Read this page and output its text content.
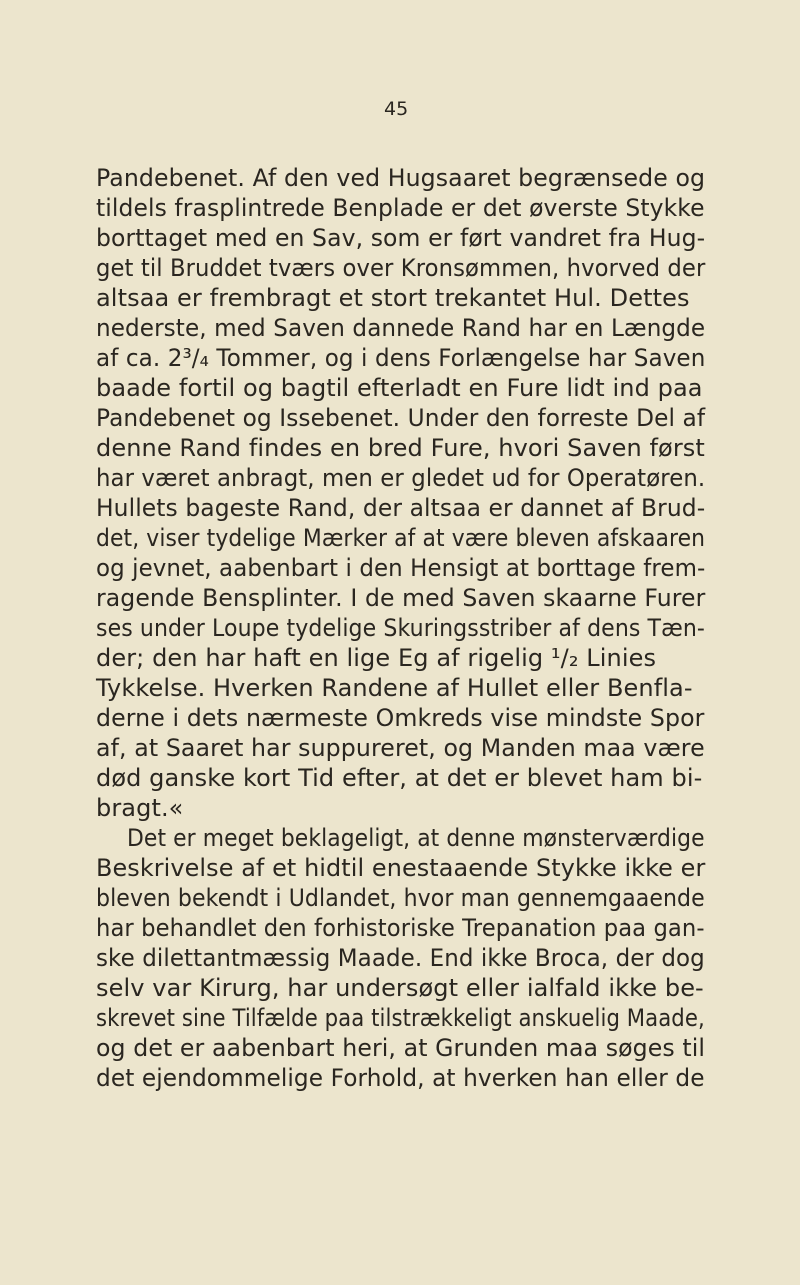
45
Pandebenet. Af den ved Hugsaaret begrænsede og
tildels frasplintrede Benplade er det øverste Stykke
borttaget med en Sav, som er ført vandret fra Hug-
get til Bruddet tværs over Kronsømmen, hvorved der
altsaa er frembragt et stort trekantet Hul. Dettes
nederste, med Saven dannede Rand har en Længde
af ca. 2³/₄ Tommer, og i dens Forlængelse har Saven
baade fortil og bagtil efterladt en Fure lidt ind paa
Pandebenet og Issebenet. Under den forreste Del af
denne Rand findes en bred Fure, hvori Saven først
har været anbragt, men er gledet ud for Operatøren.
Hullets bageste Rand, der altsaa er dannet af Brud-
det, viser tydelige Mærker af at være bleven afskaaren
og jevnet, aabenbart i den Hensigt at borttage frem-
ragende Bensplinter. I de med Saven skaarne Furer
ses under Loupe tydelige Skuringsstriber af dens Tæn-
der; den har haft en lige Eg af rigelig ¹/₂ Linies
Tykkelse. Hverken Randene af Hullet eller Benfla-
derne i dets nærmeste Omkreds vise mindste Spor
af, at Saaret har suppureret, og Manden maa være
død ganske kort Tid efter, at det er blevet ham bi-
bragt.«
Det er meget beklageligt, at denne mønsterværdige
Beskrivelse af et hidtil enestaaende Stykke ikke er
bleven bekendt i Udlandet, hvor man gennemgaaende
har behandlet den forhistoriske Trepanation paa gan-
ske dilettantmæssig Maade. End ikke Broca, der dog
selv var Kirurg, har undersøgt eller ialfald ikke be-
skrevet sine Tilfælde paa tilstrækkeligt anskuelig Maade,
og det er aabenbart heri, at Grunden maa søges til
det ejendommelige Forhold, at hverken han eller de
